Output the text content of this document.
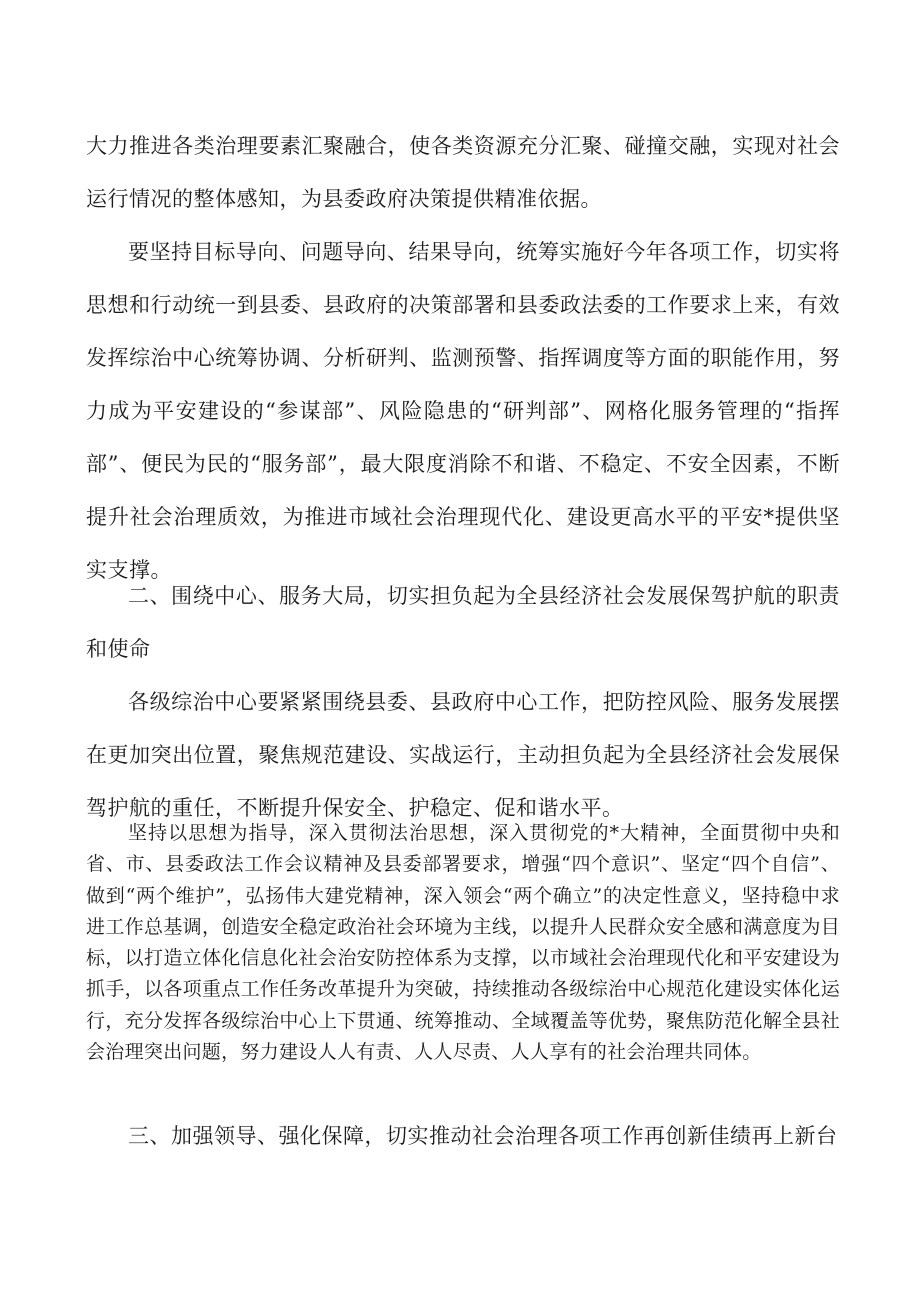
大力推进各类治理要素汇聚融合，使各类资源充分汇聚、碰撞交融，实现对社会运行情况的整体感知，为县委政府决策提供精准依据。

要坚持目标导向、问题导向、结果导向，统筹实施好今年各项工作，切实将思想和行动统一到县委、县政府的决策部署和县委政法委的工作要求上来，有效发挥综治中心统筹协调、分析研判、监测预警、指挥调度等方面的职能作用，努力成为平安建设的“参谋部”、风险隐患的“研判部”、网格化服务管理的“指挥部”、便民为民的“服务部”，最大限度消除不和谐、不稳定、不安全因素，不断提升社会治理质效，为推进市域社会治理现代化、建设更高水平的平安*提供坚实支撑。

二、围绕中心、服务大局，切实担负起为全县经济社会发展保驾护航的职责和使命

各级综治中心要紧紧围绕县委、县政府中心工作，把防控风险、服务发展摆在更加突出位置，聚焦规范建设、实战运行，主动担负起为全县经济社会发展保驾护航的重任，不断提升保安全、护稳定、促和谐水平。

坚持以思想为指导，深入贯彻法治思想，深入贯彻党的*大精神，全面贯彻中央和省、市、县委政法工作会议精神及县委部署要求，增强“四个意识”、坚定“四个自信”、做到“两个维护”，弘扬伟大建党精神，深入领会“两个确立”的决定性意义，坚持稳中求进工作总基调，创造安全稳定政治社会环境为主线，以提升人民群众安全感和满意度为目标，以打造立体化信息化社会治安防控体系为支撑，以市域社会治理现代化和平安建设为抓手，以各项重点工作任务改革提升为突破，持续推动各级综治中心规范化建设实体化运行，充分发挥各级综治中心上下贯通、统筹推动、全域覆盖等优势，聚焦防范化解全县社会治理突出问题，努力建设人人有责、人人尽责、人人享有的社会治理共同体。

三、加强领导、强化保障，切实推动社会治理各项工作再创新佳绩再上新台
